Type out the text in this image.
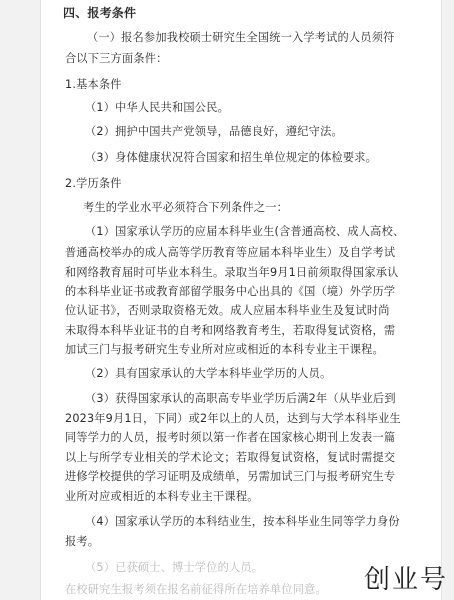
四、报考条件
（一）报名参加我校硕士研究生全国统一入学考试的人员须符
合以下三方面条件：
1.基本条件
（1）中华人民共和国公民。
（2）拥护中国共产党领导，品德良好，遵纪守法。
（3）身体健康状况符合国家和招生单位规定的体检要求。
2.学历条件
考生的学业水平必须符合下列条件之一：
（1）国家承认学历的应届本科毕业生(含普通高校、成人高校、
普通高校举办的成人高等学历教育等应届本科毕业生）及自学考试
和网络教育届时可毕业本科生。录取当年9月1日前须取得国家承认
的本科毕业证书或教育部留学服务中心出具的《国（境）外学历学
位认证书》，否则录取资格无效。成人应届本科毕业生及复试时尚
未取得本科毕业证书的自考和网络教育考生，若取得复试资格，需
加试三门与报考研究生专业所对应或相近的本科专业主干课程。
（2）具有国家承认的大学本科毕业学历的人员。
（3）获得国家承认的高职高专毕业学历后满2年（从毕业后到
2023年9月1日，下同）或2年以上的人员，达到与大学本科毕业生
同等学力的人员，报考时须以第一作者在国家核心期刊上发表一篇
以上与所学专业相关的学术论文；若取得复试资格，复试时需提交
进修学校提供的学习证明及成绩单，另需加试三门与报考研究生专
业所对应或相近的本科专业主干课程。
（4）国家承认学历的本科结业生，按本科毕业生同等学力身份
报考。
（5）已获硕士、博士学位的人员。
在校研究生报考须在报名前征得所在培养单位同意。 创业号
